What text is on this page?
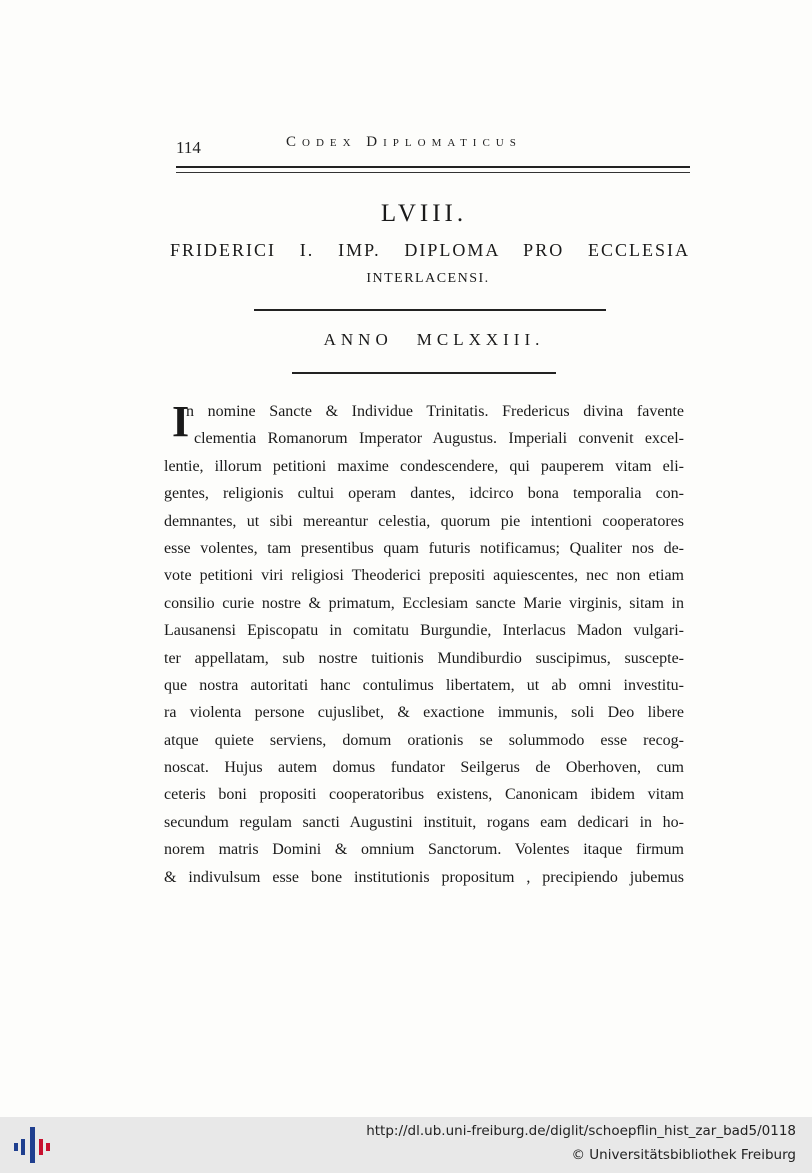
114	Codex Diplomaticus
LVIII.
FRIDERICI I. IMP. DIPLOMA PRO ECCLESIA
INTERLACENSI.
ANNO MCLXXIII.
I
n nomine Sancte & Individue Trinitatis. Fredericus divina favente
clementia Romanorum Imperator Augustus. Imperiali convenit excel-
lentie, illorum petitioni maxime condescendere, qui pauperem vitam eli-
gentes, religionis cultui operam dantes, idcirco bona temporalia con-
demnantes, ut sibi mereantur celestia, quorum pie intentioni cooperatores
esse volentes, tam presentibus quam futuris notificamus; Qualiter nos de-
vote petitioni viri religiosi Theoderici prepositi aquiescentes, nec non etiam
consilio curie nostre & primatum, Ecclesiam sancte Marie virginis, sitam in
Lausanensi Episcopatu in comitatu Burgundie, Interlacus Madon vulgari-
ter appellatam, sub nostre tuitionis Mundiburdio suscipimus, suscepte-
que nostra autoritati hanc contulimus libertatem, ut ab omni investitu-
ra violenta persone cujuslibet, & exactione immunis, soli Deo libere
atque quiete serviens, domum orationis se solummodo esse recog-
noscat. Hujus autem domus fundator Seilgerus de Oberhoven, cum
ceteris boni propositi cooperatoribus existens, Canonicam ibidem vitam
secundum regulam sancti Augustini instituit, rogans eam dedicari in ho-
norem matris Domini & omnium Sanctorum. Volentes itaque firmum
& indivulsum esse bone institutionis propositum , precipiendo jubemus
http://dl.ub.uni-freiburg.de/diglit/schoepflin_hist_zar_bad5/0118
© Universitätsbibliothek Freiburg
